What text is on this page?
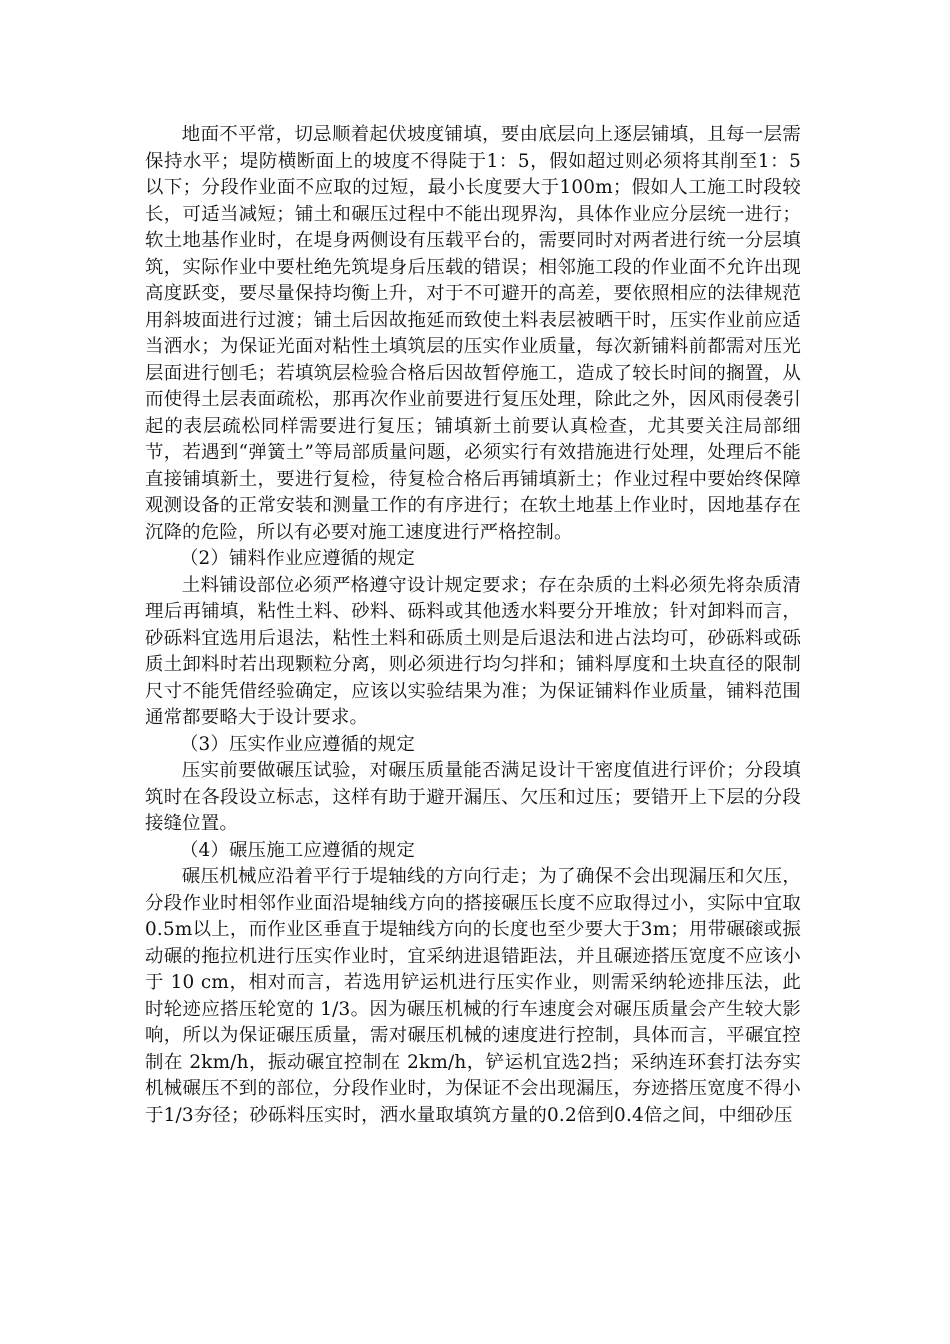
地面不平常，切忌顺着起伏坡度铺填，要由底层向上逐层铺填，且每一层需保持水平；堤防横断面上的坡度不得陡于1：5，假如超过则必须将其削至1：5以下；分段作业面不应取的过短，最小长度要大于100m；假如人工施工时段较长，可适当减短；铺土和碾压过程中不能出现界沟，具体作业应分层统一进行；软土地基作业时，在堤身两侧设有压载平台的，需要同时对两者进行统一分层填筑，实际作业中要杜绝先筑堤身后压载的错误；相邻施工段的作业面不允许出现高度跃变，要尽量保持均衡上升，对于不可避开的高差，要依照相应的法律规范用斜坡面进行过渡；铺土后因故拖延而致使土料表层被晒干时，压实作业前应适当洒水；为保证光面对粘性土填筑层的压实作业质量，每次新铺料前都需对压光层面进行刨毛；若填筑层检验合格后因故暂停施工，造成了较长时间的搁置，从而使得土层表面疏松，那再次作业前要进行复压处理，除此之外，因风雨侵袭引起的表层疏松同样需要进行复压；铺填新土前要认真检查，尤其要关注局部细节，若遇到“弹簧土”等局部质量问题，必须实行有效措施进行处理，处理后不能直接铺填新土，要进行复检，待复检合格后再铺填新土；作业过程中要始终保障观测设备的正常安装和测量工作的有序进行；在软土地基上作业时，因地基存在沉降的危险，所以有必要对施工速度进行严格控制。

（2）铺料作业应遵循的规定

土料铺设部位必须严格遵守设计规定要求；存在杂质的土料必须先将杂质清理后再铺填，粘性土料、砂料、砾料或其他透水料要分开堆放；针对卸料而言， 砂砾料宜选用后退法，粘性土料和砾质土则是后退法和进占法均可，砂砾料或砾质土卸料时若出现颗粒分离，则必须进行均匀拌和；铺料厚度和土块直径的限制尺寸不能凭借经验确定，应该以实验结果为准；为保证铺料作业质量，铺料范围通常都要略大于设计要求。

（3）压实作业应遵循的规定

压实前要做碾压试验，对碾压质量能否满足设计干密度值进行评价；分段填筑时在各段设立标志，这样有助于避开漏压、欠压和过压；要错开上下层的分段接缝位置。

（4）碾压施工应遵循的规定

碾压机械应沿着平行于堤轴线的方向行走；为了确保不会出现漏压和欠压，分段作业时相邻作业面沿堤轴线方向的搭接碾压长度不应取得过小，实际中宜取0.5m以上，而作业区垂直于堤轴线方向的长度也至少要大于3m；用带碾磙或振动碾的拖拉机进行压实作业时，宜采纳进退错距法，并且碾迹搭压宽度不应该小于 10 cm，相对而言，若选用铲运机进行压实作业，则需采纳轮迹排压法，此时轮迹应搭压轮宽的 1/3。因为碾压机械的行车速度会对碾压质量会产生较大影响，所以为保证碾压质量，需对碾压机械的速度进行控制，具体而言，平碾宜控制在 2km/h，振动碾宜控制在 2km/h，铲运机宜选2挡；采纳连环套打法夯实机械碾压不到的部位，分段作业时，为保证不会出现漏压，夯迹搭压宽度不得小于1/3夯径；砂砾料压实时，洒水量取填筑方量的0.2倍到0.4倍之间，中细砂压
